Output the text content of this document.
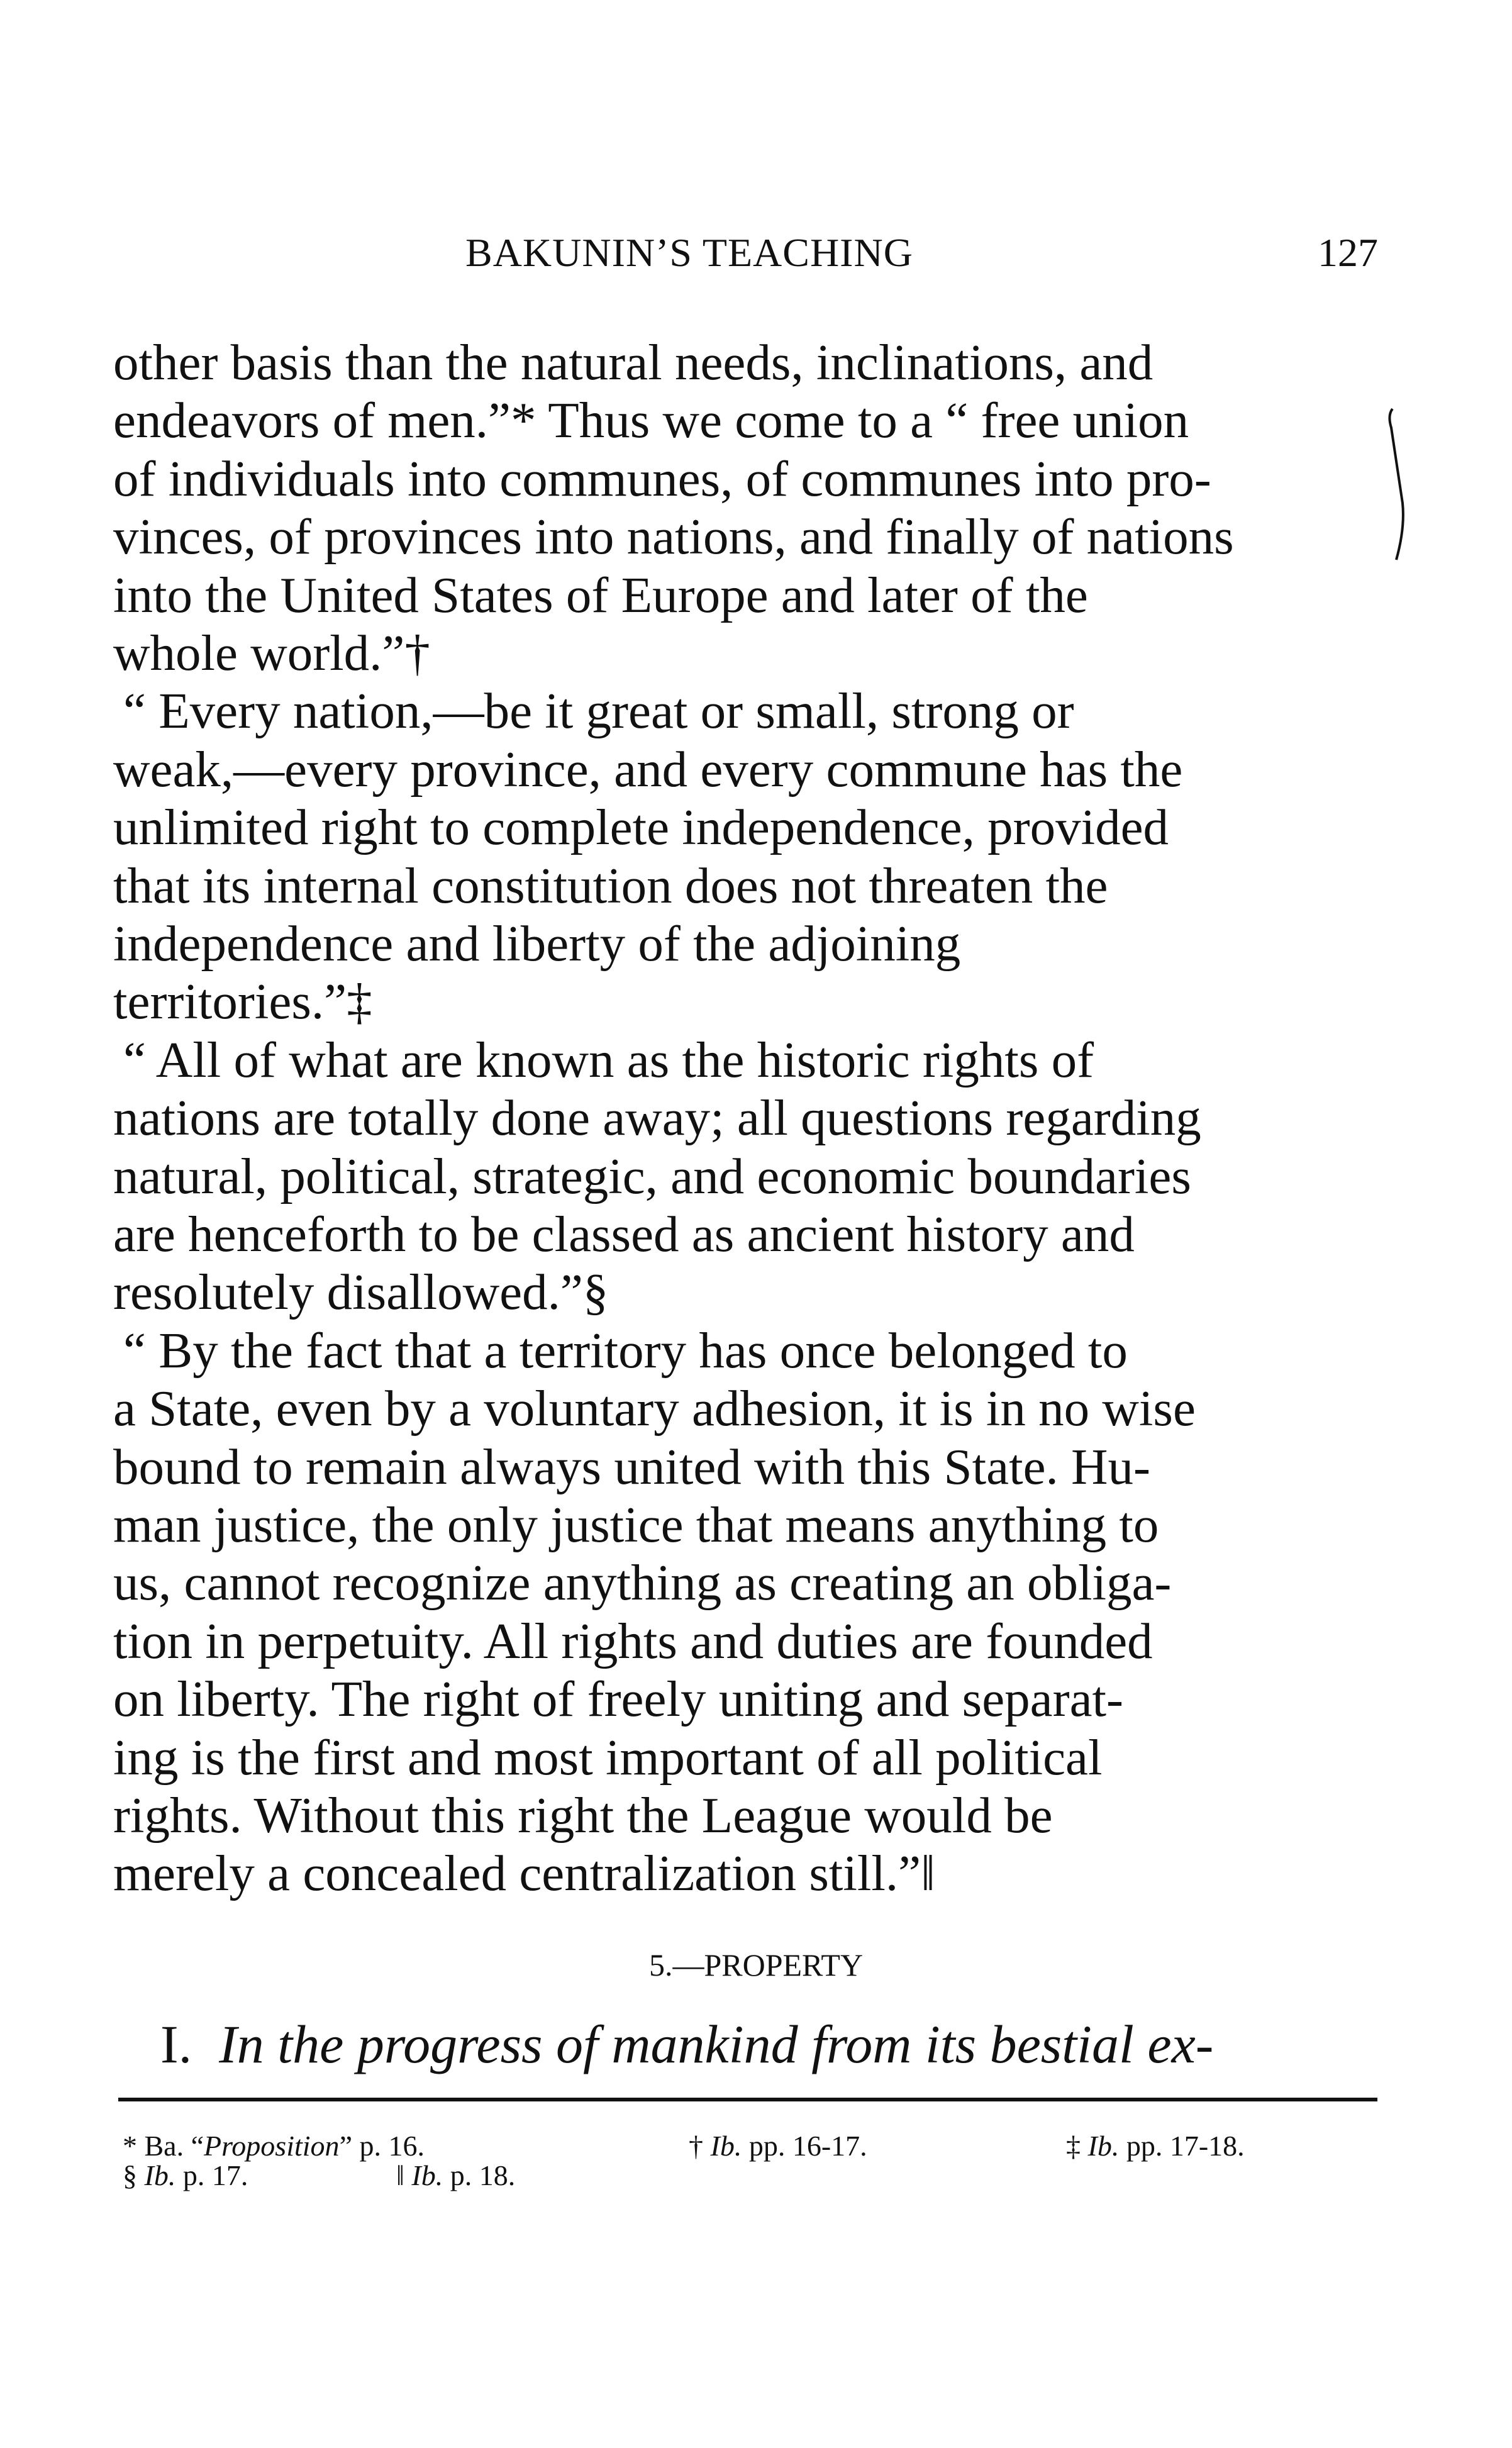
BAKUNIN’S TEACHING	127
other basis than the natural needs, inclinations, and
endeavors of men.”* Thus we come to a “ free union
of individuals into communes, of communes into pro-
vinces, of provinces into nations, and finally of nations
into the United States of Europe and later of the
whole world.”†
“ Every nation,—be it great or small, strong or
weak,—every province, and every commune has the
unlimited right to complete independence, provided
that its internal constitution does not threaten the
independence and liberty of the adjoining
territories.”‡
“ All of what are known as the historic rights of
nations are totally done away; all questions regarding
natural, political, strategic, and economic boundaries
are henceforth to be classed as ancient history and
resolutely disallowed.”§
“ By the fact that a territory has once belonged to
a State, even by a voluntary adhesion, it is in no wise
bound to remain always united with this State. Hu-
man justice, the only justice that means anything to
us, cannot recognize anything as creating an obliga-
tion in perpetuity. All rights and duties are founded
on liberty. The right of freely uniting and separat-
ing is the first and most important of all political
rights. Without this right the League would be
merely a concealed centralization still.”‖
5.—PROPERTY
I. In the progress of mankind from its bestial ex-
* Ba. “Proposition” p. 16.	† Ib. pp. 16-17.	‡ Ib. pp. 17-18.
§ Ib. p. 17.	‖ Ib. p. 18.
